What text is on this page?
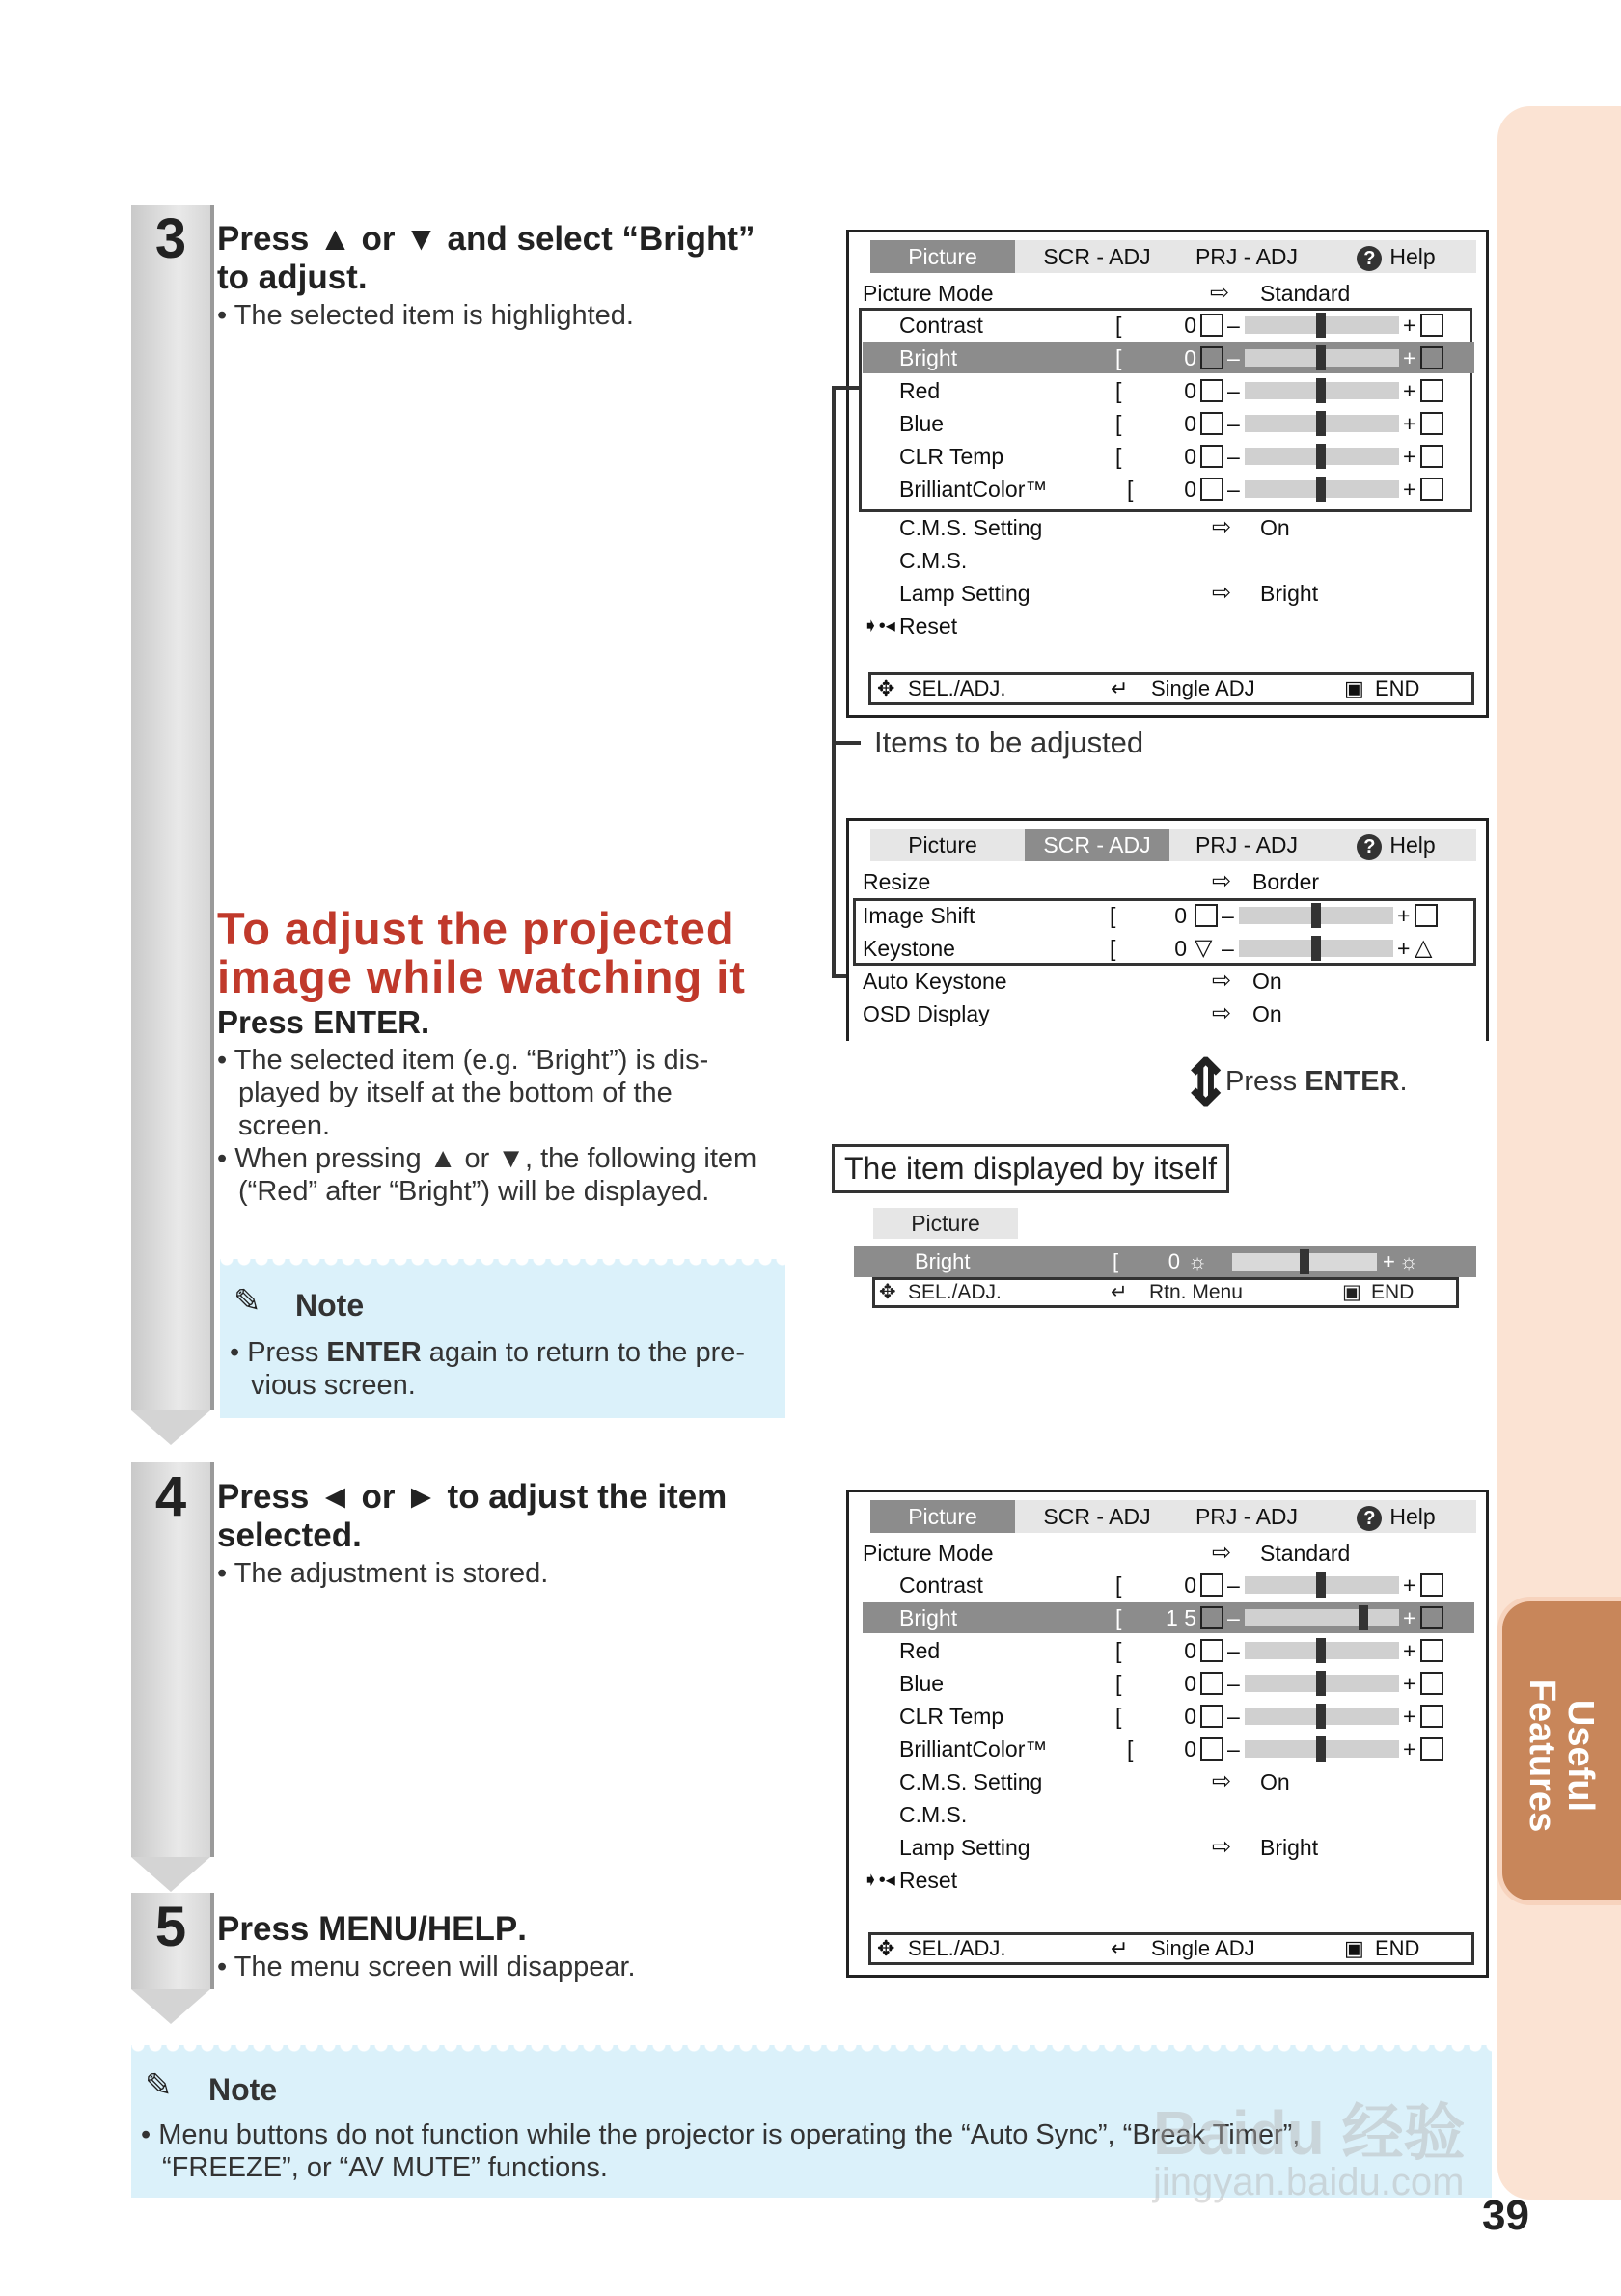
Useful
Features
3 Press ▲ or ▼ and select “Bright”
to adjust.
• The selected item is highlighted.
To adjust the projected
image while watching it
Press ENTER.
• The selected item (e.g. “Bright”) is dis-
played by itself at the bottom of the
screen.
• When pressing ▲ or ▼, the following item
(“Red” after “Bright”) will be displayed.
✎ Note
• Press ENTER again to return to the pre-
vious screen.
4 Press ◄ or ► to adjust the item
selected.
• The adjustment is stored.
5 Press MENU/HELP.
• The menu screen will disappear.
✎ Note
• Menu buttons do not function while the projector is operating the “Auto Sync”, “Break Timer”,
“FREEZE”, or “AV MUTE” functions.
Picture	SCR - ADJ	PRJ - ADJ	? Help
Picture Mode	⇨ Standard
Contrast	[	0 –	+
Bright	[	0 –	+
Red	[	0 –	+
Blue	[	0 –	+
CLR Temp	[	0 –	+
BrilliantColor™	[	0 –	+
C.M.S. Setting	⇨ On
C.M.S.
Lamp Setting	⇨ Bright
➧•◂ Reset
✥ SEL./ADJ.	↵ Single ADJ	▣ END
Items to be adjusted
Picture	SCR - ADJ	PRJ - ADJ	? Help
Resize	⇨ Border
Image Shift	[	0 –	+
Keystone	[	0 ▽ –	+ △
Auto Keystone	⇨ On
OSD Display	⇨ On
⇕
Press ENTER.
The item displayed by itself
Picture
Bright	[	0 ☼	+ ☼
✥ SEL./ADJ.	↵ Rtn. Menu	▣ END
Picture	SCR - ADJ	PRJ - ADJ	? Help
Picture Mode	⇨ Standard
Contrast	[	0 –	+
Bright	[ 1 5 –	+
Red	[	0 –	+
Blue	[	0 –	+
CLR Temp	[	0 –	+
BrilliantColor™	[	0 –	+
C.M.S. Setting	⇨ On
C.M.S.
Lamp Setting	⇨ Bright
➧•◂ Reset
✥ SEL./ADJ.	↵ Single ADJ	▣ END
Baidu 经验
jingyan.baidu.com
39
